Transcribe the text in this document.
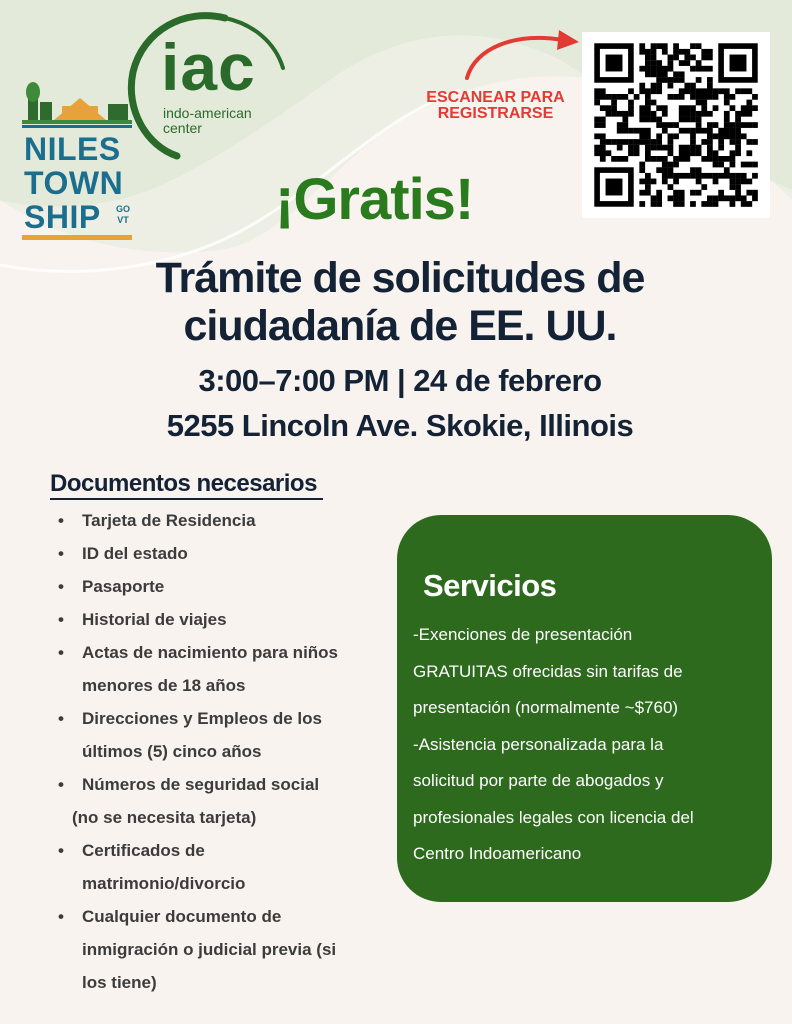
NILES
TOWN
SHIP GO VT
iac
indo-american
center
ESCANEAR PARA
REGISTRARSE
¡Gratis!
Trámite de solicitudes de
ciudadanía de EE. UU.
3:00–7:00 PM | 24 de febrero
5255 Lincoln Ave. Skokie, Illinois
Documentos necesarios
• Tarjeta de Residencia
• ID del estado
• Pasaporte
• Historial de viajes
• Actas de nacimiento para niños
menores de 18 años
• Direcciones y Empleos de los
últimos (5) cinco años
• Números de seguridad social
(no se necesita tarjeta)
• Certificados de
matrimonio/divorcio
• Cualquier documento de
inmigración o judicial previa (si
los tiene)
Servicios
-Exenciones de presentación
GRATUITAS ofrecidas sin tarifas de
presentación (normalmente ~$760)
-Asistencia personalizada para la
solicitud por parte de abogados y
profesionales legales con licencia del
Centro Indoamericano
